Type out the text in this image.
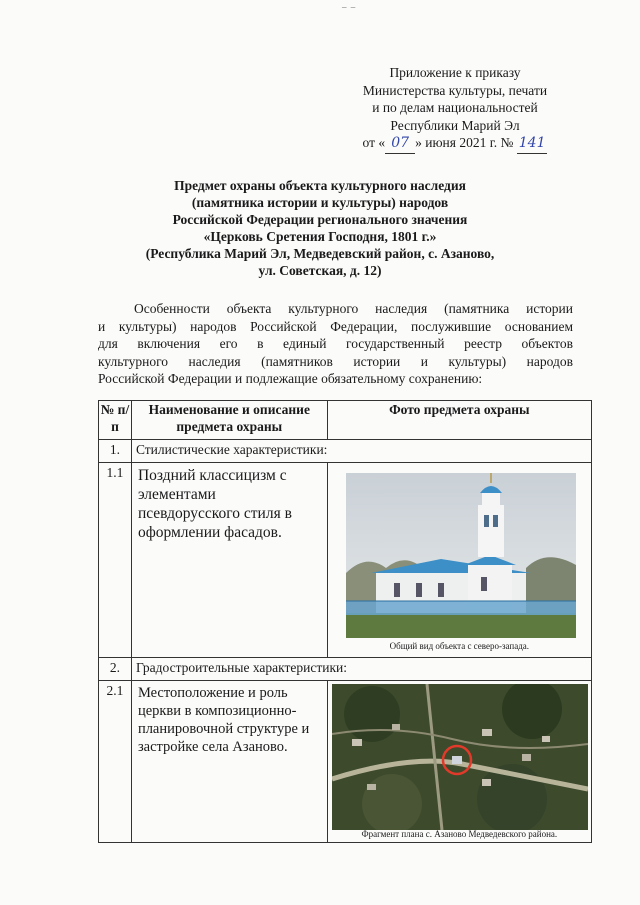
– –
Приложение к приказу
Министерства культуры, печати
и по делам национальностей
Республики Марий Эл
от « 07 » июня 2021 г. № 141
Предмет охраны объекта культурного наследия
(памятника истории и культуры) народов
Российской Федерации регионального значения
«Церковь Сретения Господня, 1801 г.»
(Республика Марий Эл, Медведевский район, с. Азаново,
ул. Советская, д. 12)
Особенности объекта культурного наследия (памятника истории
и культуры) народов Российской Федерации, послужившие основанием
для включения его в единый государственный реестр объектов
культурного наследия (памятников истории и культуры) народов
Российской Федерации и подлежащие обязательному сохранению:
№ п/п	Наименование и описание предмета охраны	Фото предмета охраны
1.	Стилистические характеристики:	
1.1	Поздний классицизм с элементами псевдорусского стиля в оформлении фасадов.	Общий вид объекта с северо-запада.

2.	Градостроительные характеристики:	
2.1	Местоположение и роль церкви в композиционно-планировочной структуре и застройке села Азаново.	Фрагмент плана с. Азаново Медведевского района.
